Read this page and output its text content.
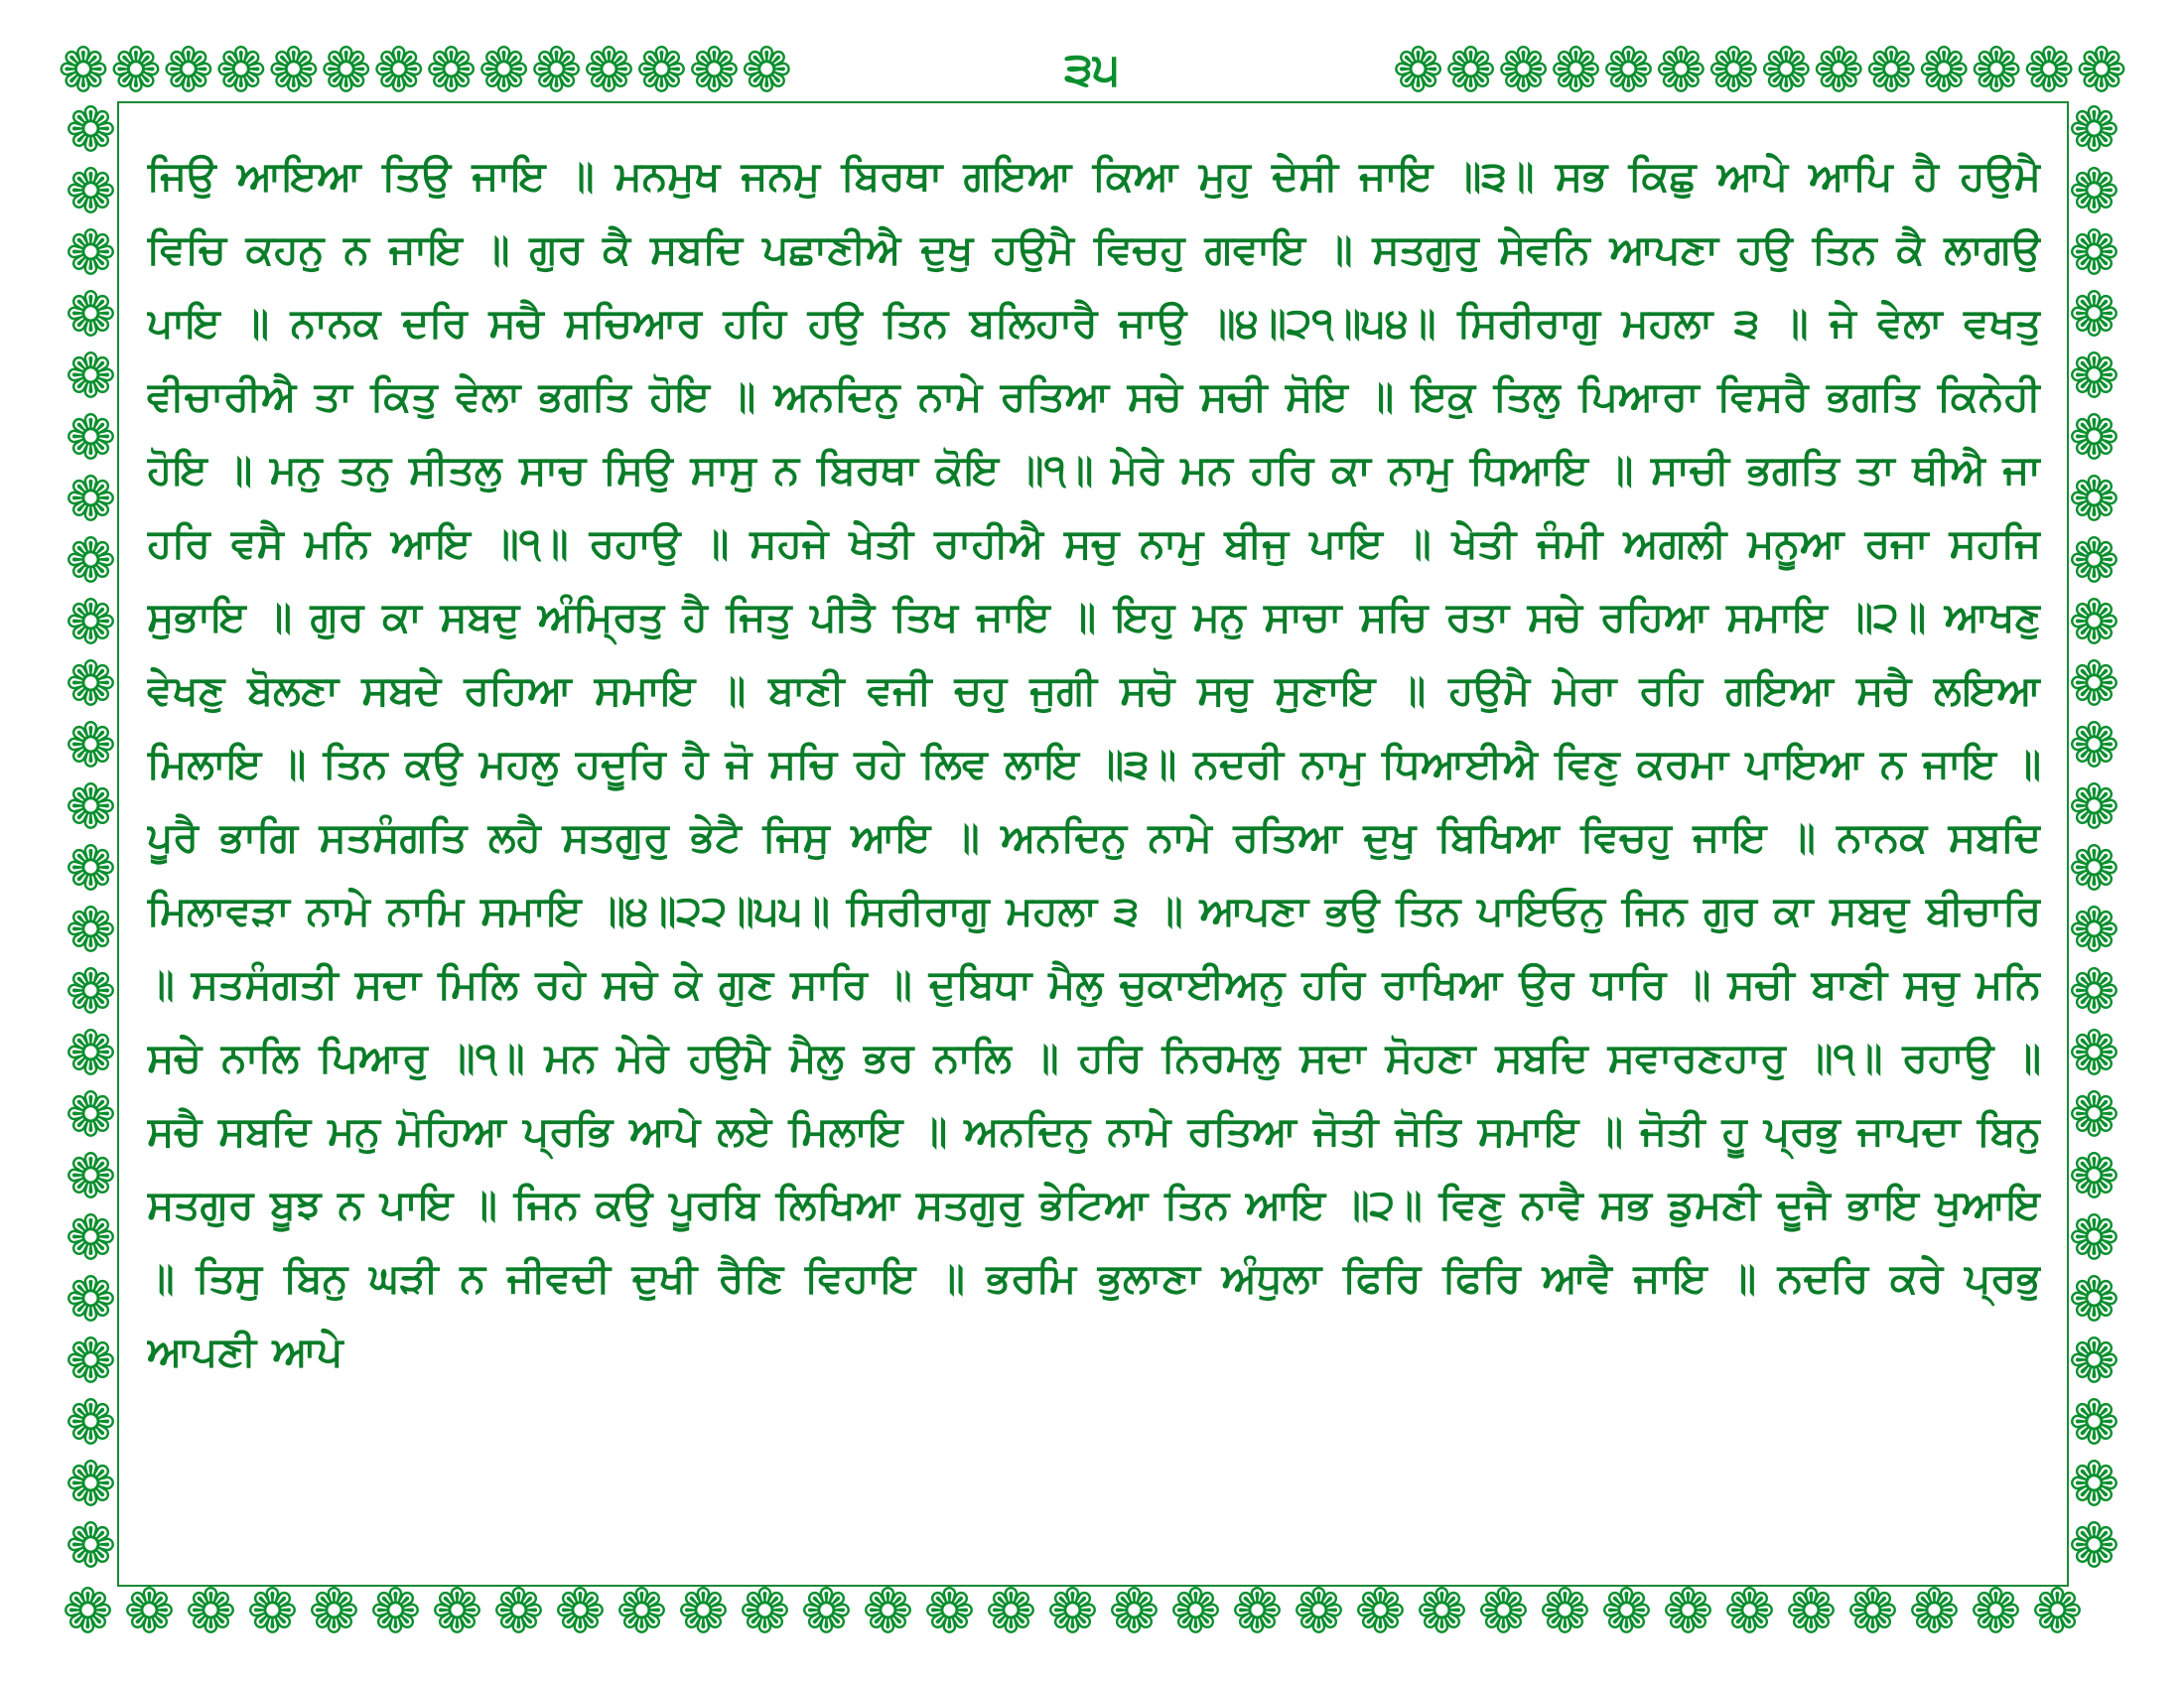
❁❁❁❁❁❁❁❁❁❁❁❁❁❁	❁❁❁❁❁❁❁❁❁❁❁❁❁❁
❁ ❁ ❁ ❁ ❁ ❁ ❁ ❁ ❁ ❁ ❁ ❁ ❁ ❁ ❁ ❁ ❁ ❁ ❁ ❁ ❁ ❁ ❁ ❁ ❁ ❁ ❁ ❁ ❁ ❁ ❁ ❁ ❁
❁
❁
❁
❁
❁
❁
❁
❁
❁
❁
❁
❁
❁
❁
❁
❁
❁
❁
❁
❁
❁
❁
❁
❁
❁
❁
❁
❁
❁
❁
❁
❁
❁
❁
❁
❁
❁
❁
❁
❁
❁
❁
❁
❁
❁
❁
❁
❁
੩੫

ਜਿਉ ਆਇਆ ਤਿਉ ਜਾਇ ॥ ਮਨਮੁਖ ਜਨਮੁ ਬਿਰਥਾ ਗਇਆ ਕਿਆ ਮੁਹੁ ਦੇਸੀ ਜਾਇ ॥੩॥ ਸਭ ਕਿਛੁ ਆਪੇ ਆਪਿ ਹੈ ਹਉਮੈ ਵਿਚਿ ਕਹਨੁ ਨ ਜਾਇ ॥ ਗੁਰ ਕੈ ਸਬਦਿ ਪਛਾਣੀਐ ਦੁਖੁ ਹਉਮੈ ਵਿਚਹੁ ਗਵਾਇ ॥ ਸਤਗੁਰੁ ਸੇਵਨਿ ਆਪਣਾ ਹਉ ਤਿਨ ਕੈ ਲਾਗਉ ਪਾਇ ॥ ਨਾਨਕ ਦਰਿ ਸਚੈ ਸਚਿਆਰ ਹਹਿ ਹਉ ਤਿਨ ਬਲਿਹਾਰੈ ਜਾਉ ॥੪॥੨੧॥੫੪॥ ਸਿਰੀਰਾਗੁ ਮਹਲਾ ੩ ॥ ਜੇ ਵੇਲਾ ਵਖਤੁ ਵੀਚਾਰੀਐ ਤਾ ਕਿਤੁ ਵੇਲਾ ਭਗਤਿ ਹੋਇ ॥ ਅਨਦਿਨੁ ਨਾਮੇ ਰਤਿਆ ਸਚੇ ਸਚੀ ਸੋਇ ॥ ਇਕੁ ਤਿਲੁ ਪਿਆਰਾ ਵਿਸਰੈ ਭਗਤਿ ਕਿਨੇਹੀ ਹੋਇ ॥ ਮਨੁ ਤਨੁ ਸੀਤਲੁ ਸਾਚ ਸਿਉ ਸਾਸੁ ਨ ਬਿਰਥਾ ਕੋਇ ॥੧॥ ਮੇਰੇ ਮਨ ਹਰਿ ਕਾ ਨਾਮੁ ਧਿਆਇ ॥ ਸਾਚੀ ਭਗਤਿ ਤਾ ਥੀਐ ਜਾ ਹਰਿ ਵਸੈ ਮਨਿ ਆਇ ॥੧॥ ਰਹਾਉ ॥ ਸਹਜੇ ਖੇਤੀ ਰਾਹੀਐ ਸਚੁ ਨਾਮੁ ਬੀਜੁ ਪਾਇ ॥ ਖੇਤੀ ਜੰਮੀ ਅਗਲੀ ਮਨੂਆ ਰਜਾ ਸਹਜਿ ਸੁਭਾਇ ॥ ਗੁਰ ਕਾ ਸਬਦੁ ਅੰਮ੍ਰਿਤੁ ਹੈ ਜਿਤੁ ਪੀਤੈ ਤਿਖ ਜਾਇ ॥ ਇਹੁ ਮਨੁ ਸਾਚਾ ਸਚਿ ਰਤਾ ਸਚੇ ਰਹਿਆ ਸਮਾਇ ॥੨॥ ਆਖਣੁ ਵੇਖਣੁ ਬੋਲਣਾ ਸਬਦੇ ਰਹਿਆ ਸਮਾਇ ॥ ਬਾਣੀ ਵਜੀ ਚਹੁ ਜੁਗੀ ਸਚੋ ਸਚੁ ਸੁਣਾਇ ॥ ਹਉਮੈ ਮੇਰਾ ਰਹਿ ਗਇਆ ਸਚੈ ਲਇਆ ਮਿਲਾਇ ॥ ਤਿਨ ਕਉ ਮਹਲੁ ਹਦੂਰਿ ਹੈ ਜੋ ਸਚਿ ਰਹੇ ਲਿਵ ਲਾਇ ॥੩॥ ਨਦਰੀ ਨਾਮੁ ਧਿਆਈਐ ਵਿਣੁ ਕਰਮਾ ਪਾਇਆ ਨ ਜਾਇ ॥ ਪੂਰੈ ਭਾਗਿ ਸਤਸੰਗਤਿ ਲਹੈ ਸਤਗੁਰੁ ਭੇਟੈ ਜਿਸੁ ਆਇ ॥ ਅਨਦਿਨੁ ਨਾਮੇ ਰਤਿਆ ਦੁਖੁ ਬਿਖਿਆ ਵਿਚਹੁ ਜਾਇ ॥ ਨਾਨਕ ਸਬਦਿ ਮਿਲਾਵੜਾ ਨਾਮੇ ਨਾਮਿ ਸਮਾਇ ॥੪॥੨੨॥੫੫॥ ਸਿਰੀਰਾਗੁ ਮਹਲਾ ੩ ॥ ਆਪਣਾ ਭਉ ਤਿਨ ਪਾਇਓਨੁ ਜਿਨ ਗੁਰ ਕਾ ਸਬਦੁ ਬੀਚਾਰਿ ॥ ਸਤਸੰਗਤੀ ਸਦਾ ਮਿਲਿ ਰਹੇ ਸਚੇ ਕੇ ਗੁਣ ਸਾਰਿ ॥ ਦੁਬਿਧਾ ਮੈਲੁ ਚੁਕਾਈਅਨੁ ਹਰਿ ਰਾਖਿਆ ਉਰ ਧਾਰਿ ॥ ਸਚੀ ਬਾਣੀ ਸਚੁ ਮਨਿ ਸਚੇ ਨਾਲਿ ਪਿਆਰੁ ॥੧॥ ਮਨ ਮੇਰੇ ਹਉਮੈ ਮੈਲੁ ਭਰ ਨਾਲਿ ॥ ਹਰਿ ਨਿਰਮਲੁ ਸਦਾ ਸੋਹਣਾ ਸਬਦਿ ਸਵਾਰਣਹਾਰੁ ॥੧॥ ਰਹਾਉ ॥ ਸਚੈ ਸਬਦਿ ਮਨੁ ਮੋਹਿਆ ਪ੍ਰਭਿ ਆਪੇ ਲਏ ਮਿਲਾਇ ॥ ਅਨਦਿਨੁ ਨਾਮੇ ਰਤਿਆ ਜੋਤੀ ਜੋਤਿ ਸਮਾਇ ॥ ਜੋਤੀ ਹੂ ਪ੍ਰਭੁ ਜਾਪਦਾ ਬਿਨੁ ਸਤਗੁਰ ਬੂਝ ਨ ਪਾਇ ॥ ਜਿਨ ਕਉ ਪੂਰਬਿ ਲਿਖਿਆ ਸਤਗੁਰੁ ਭੇਟਿਆ ਤਿਨ ਆਇ ॥੨॥ ਵਿਣੁ ਨਾਵੈ ਸਭ ਡੁਮਣੀ ਦੂਜੈ ਭਾਇ ਖੁਆਇ ॥ ਤਿਸੁ ਬਿਨੁ ਘੜੀ ਨ ਜੀਵਦੀ ਦੁਖੀ ਰੈਣਿ ਵਿਹਾਇ ॥ ਭਰਮਿ ਭੁਲਾਣਾ ਅੰਧੁਲਾ ਫਿਰਿ ਫਿਰਿ ਆਵੈ ਜਾਇ ॥ ਨਦਰਿ ਕਰੇ ਪ੍ਰਭੁ ਆਪਣੀ ਆਪੇ
